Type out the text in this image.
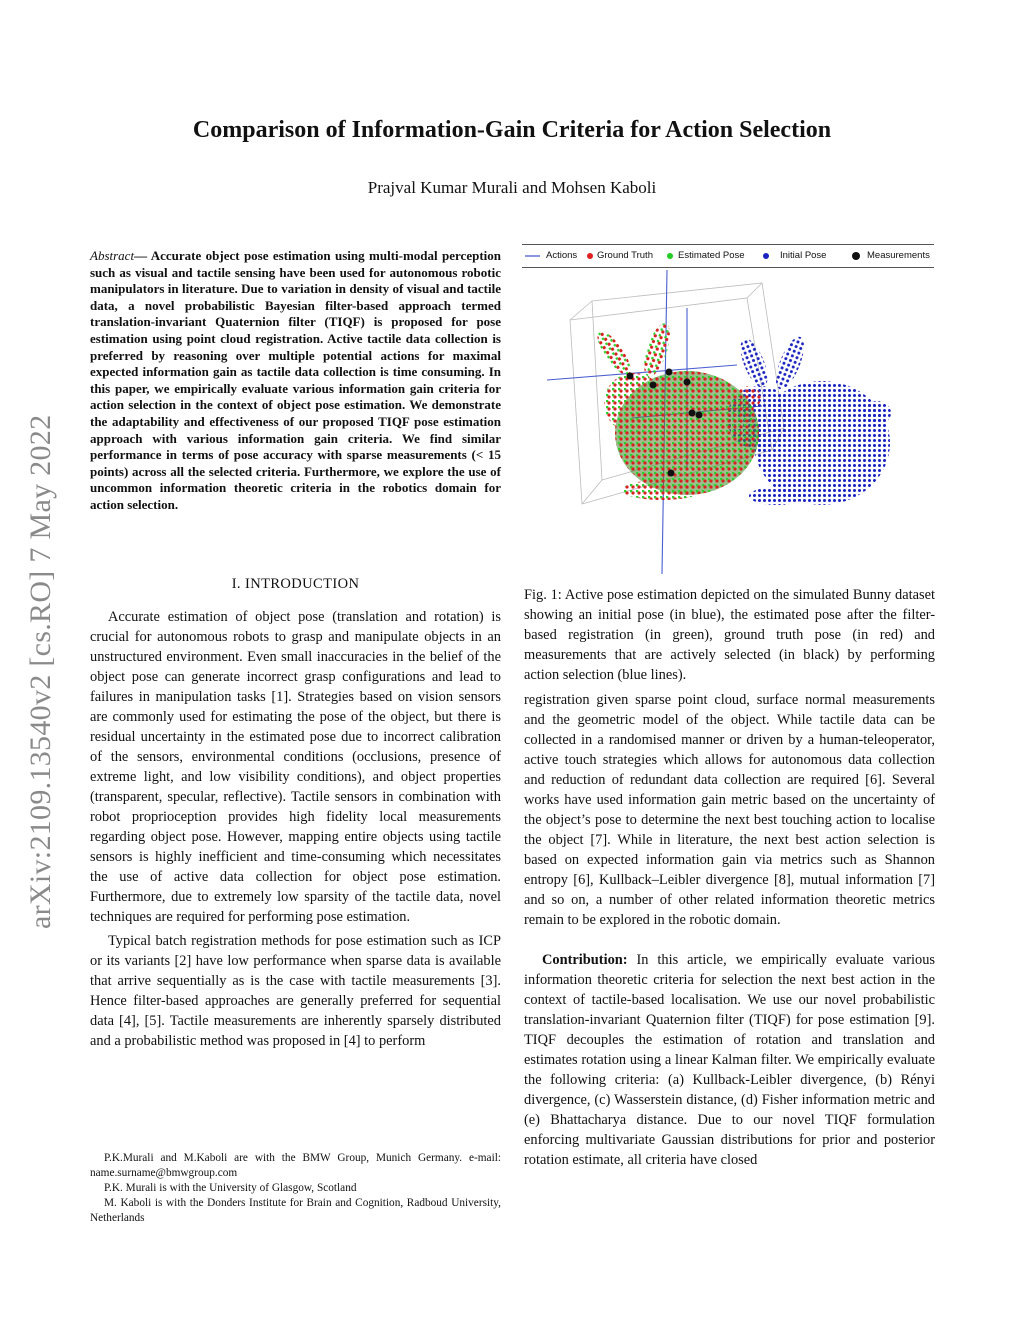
Comparison of Information-Gain Criteria for Action Selection
Prajval Kumar Murali and Mohsen Kaboli
arXiv:2109.13540v2 [cs.RO] 7 May 2022
Abstract— Accurate object pose estimation using multi-modal perception such as visual and tactile sensing have been used for autonomous robotic manipulators in literature. Due to variation in density of visual and tactile data, a novel probabilistic Bayesian filter-based approach termed translation-invariant Quaternion filter (TIQF) is proposed for pose estimation using point cloud registration. Active tactile data collection is preferred by reasoning over multiple potential actions for maximal expected information gain as tactile data collection is time consuming. In this paper, we empirically evaluate various information gain criteria for action selection in the context of object pose estimation. We demonstrate the adaptability and effectiveness of our proposed TIQF pose estimation approach with various information gain criteria. We find similar performance in terms of pose accuracy with sparse measurements (< 15 points) across all the selected criteria. Furthermore, we explore the use of uncommon information theoretic criteria in the robotics domain for action selection.
I. INTRODUCTION

Accurate estimation of object pose (translation and rotation) is crucial for autonomous robots to grasp and manipulate objects in an unstructured environment. Even small inaccuracies in the belief of the object pose can generate incorrect grasp configurations and lead to failures in manipulation tasks [1]. Strategies based on vision sensors are commonly used for estimating the pose of the object, but there is residual uncertainty in the estimated pose due to incorrect calibration of the sensors, environmental conditions (occlusions, presence of extreme light, and low visibility conditions), and object properties (transparent, specular, reflective). Tactile sensors in combination with robot proprioception provides high fidelity local measurements regarding object pose. However, mapping entire objects using tactile sensors is highly inefficient and time-consuming which necessitates the use of active data collection for object pose estimation. Furthermore, due to extremely low sparsity of the tactile data, novel techniques are required for performing pose estimation.

Typical batch registration methods for pose estimation such as ICP or its variants [2] have low performance when sparse data is available that arrive sequentially as is the case with tactile measurements [3]. Hence filter-based approaches are generally preferred for sequential data [4], [5]. Tactile measurements are inherently sparsely distributed and a probabilistic method was proposed in [4] to perform

P.K.Murali and M.Kaboli are with the BMW Group, Munich Germany. e-mail: name.surname@bmwgroup.com

P.K. Murali is with the University of Glasgow, Scotland

M. Kaboli is with the Donders Institute for Brain and Cognition, Radboud University, Netherlands

Actions Ground Truth	Estimated Pose	Initial Pose	Measurements
Fig. 1: Active pose estimation depicted on the simulated Bunny dataset showing an initial pose (in blue), the estimated pose after the filter-based registration (in green), ground truth pose (in red) and measurements that are actively selected (in black) by performing action selection (blue lines).

registration given sparse point cloud, surface normal measurements and the geometric model of the object. While tactile data can be collected in a randomised manner or driven by a human-teleoperator, active touch strategies which allows for autonomous data collection and reduction of redundant data collection are required [6]. Several works have used information gain metric based on the uncertainty of the object’s pose to determine the next best touching action to localise the object [7]. While in literature, the next best action selection is based on expected information gain via metrics such as Shannon entropy [6], Kullback–Leibler divergence [8], mutual information [7] and so on, a number of other related information theoretic metrics remain to be explored in the robotic domain.

Contribution: In this article, we empirically evaluate various information theoretic criteria for selection the next best action in the context of tactile-based localisation. We use our novel probabilistic translation-invariant Quaternion filter (TIQF) for pose estimation [9]. TIQF decouples the estimation of rotation and translation and estimates rotation using a linear Kalman filter. We empirically evaluate the following criteria: (a) Kullback-Leibler divergence, (b) Rényi divergence, (c) Wasserstein distance, (d) Fisher information metric and (e) Bhattacharya distance. Due to our novel TIQF formulation enforcing multivariate Gaussian distributions for prior and posterior rotation estimate, all criteria have closed
